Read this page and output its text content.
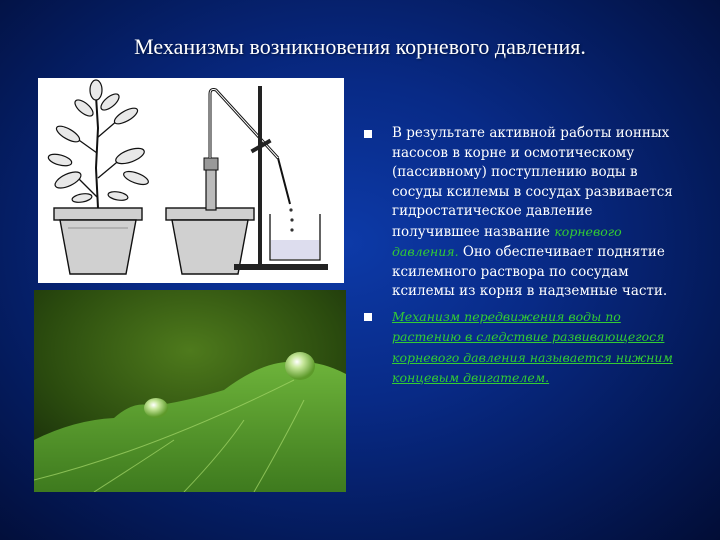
Механизмы возникновения корневого давления.
В результате активной работы ионных насосов в корне и осмотическому (пассивному) поступлению воды в сосуды ксилемы в сосудах развивается гидростатическое давление получившее название корневого давления. Оно обеспечивает поднятие ксилемного раствора по сосудам ксилемы из корня в надземные части.
Механизм передвижения воды по растению в следствие развивающегося корневого давления называется нижним концевым двигателем.
